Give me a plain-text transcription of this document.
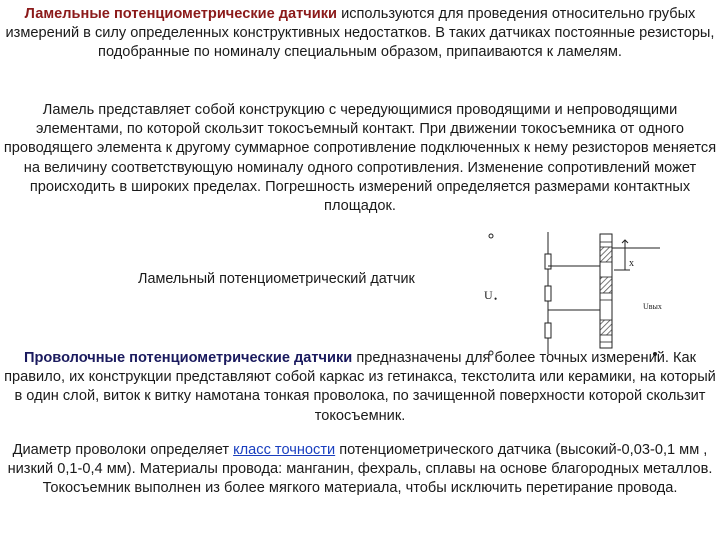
Ламельные потенциометрические датчики используются для проведения относительно грубых измерений в силу определенных конструктивных недостатков. В таких датчиках постоянные резисторы, подобранные по номиналу специальным образом, припаиваются к ламелям.

Ламель представляет собой конструкцию с чередующимися проводящими и непроводящими элементами, по которой скользит токосъемный контакт. При движении токосъемника от одного проводящего элемента к другому суммарное сопротивление подключенных к нему резисторов меняется на величину соответствующую номиналу одного сопротивления. Изменение сопротивлений может происходить в широких пределах. Погрешность измерений определяется размерами контактных площадок.

Ламельный потенциометрический датчик
U •
x
Uвых

Проволочные потенциометрические датчики предназначены для более точных измерений. Как правило, их конструкции представляют собой каркас из гетинакса, текстолита или керамики, на который в один слой, виток к витку намотана тонкая проволока, по зачищенной поверхности которой скользит токосъемник.

Диаметр проволоки определяет класс точности потенциометрического датчика (высокий-0,03-0,1 мм , низкий 0,1-0,4 мм). Материалы провода: манганин, фехраль, сплавы на основе благородных металлов. Токосъемник выполнен из более мягкого материала, чтобы исключить перетирание провода.
